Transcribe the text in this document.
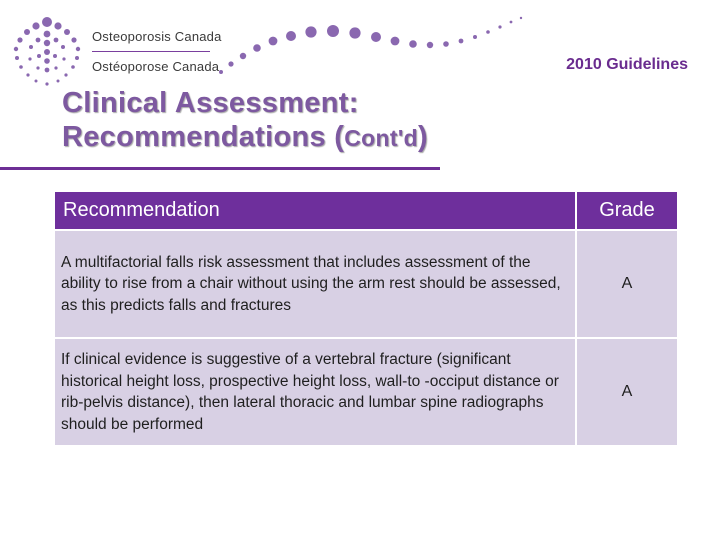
Osteoporosis Canada
Ostéoporose Canada	2010 Guidelines
Clinical Assessment:
Recommendations (Cont'd)
Recommendation	Grade
A multifactorial falls risk assessment that includes assessment of the ability to rise from a chair without using the arm rest should be assessed, as this predicts falls and fractures	A
If clinical evidence is suggestive of a vertebral fracture (significant historical height loss, prospective height loss, wall-to -occiput distance or rib-pelvis distance), then lateral thoracic and lumbar spine radiographs should be performed	A
